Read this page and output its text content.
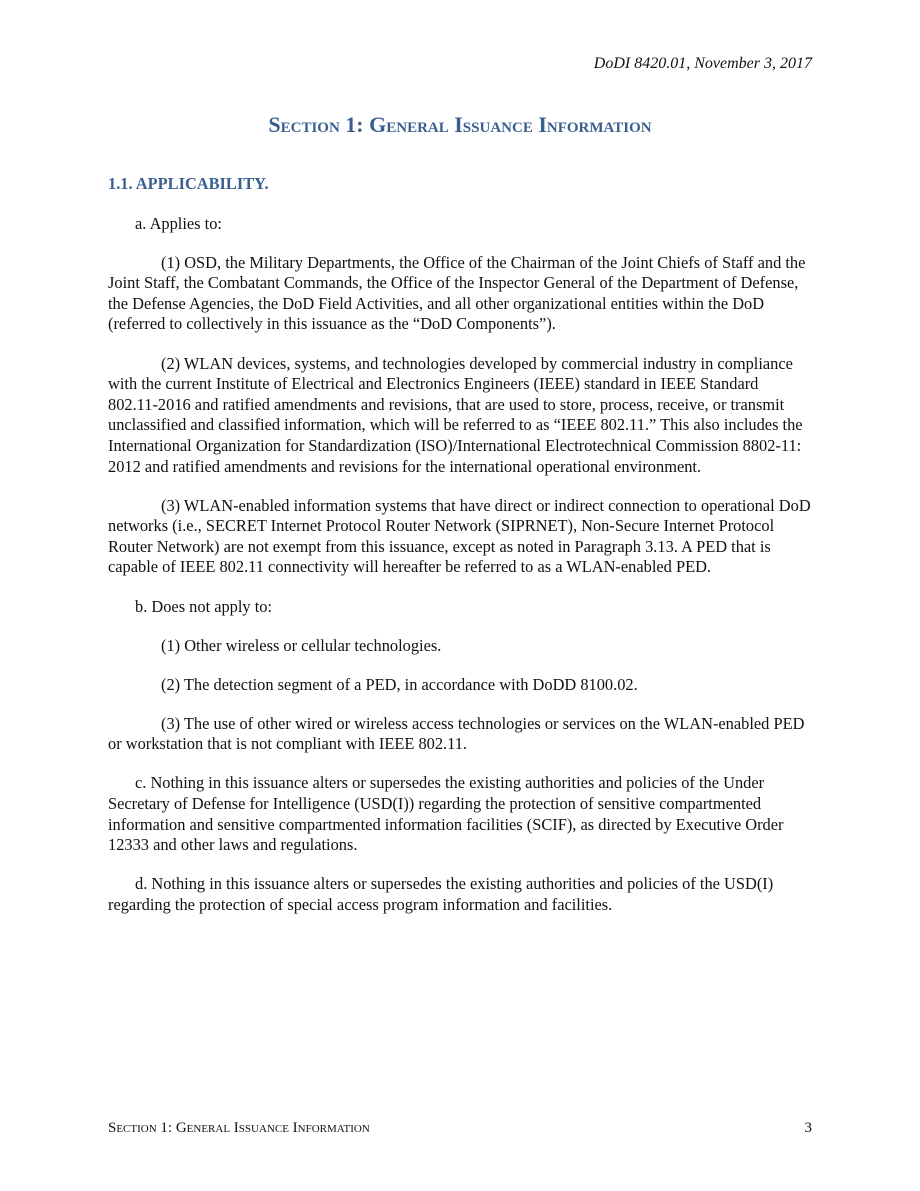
DoDI 8420.01, November 3, 2017
Section 1: General Issuance Information
1.1. APPLICABILITY.

a. Applies to:

(1) OSD, the Military Departments, the Office of the Chairman of the Joint Chiefs of Staff and the Joint Staff, the Combatant Commands, the Office of the Inspector General of the Department of Defense, the Defense Agencies, the DoD Field Activities, and all other organizational entities within the DoD (referred to collectively in this issuance as the “DoD Components”).

(2) WLAN devices, systems, and technologies developed by commercial industry in compliance with the current Institute of Electrical and Electronics Engineers (IEEE) standard in IEEE Standard 802.11-2016 and ratified amendments and revisions, that are used to store, process, receive, or transmit unclassified and classified information, which will be referred to as “IEEE 802.11.” This also includes the International Organization for Standardization (ISO)/International Electrotechnical Commission 8802-11: 2012 and ratified amendments and revisions for the international operational environment.

(3) WLAN-enabled information systems that have direct or indirect connection to operational DoD networks (i.e., SECRET Internet Protocol Router Network (SIPRNET), Non-Secure Internet Protocol Router Network) are not exempt from this issuance, except as noted in Paragraph 3.13. A PED that is capable of IEEE 802.11 connectivity will hereafter be referred to as a WLAN-enabled PED.

b. Does not apply to:

(1) Other wireless or cellular technologies.

(2) The detection segment of a PED, in accordance with DoDD 8100.02.

(3) The use of other wired or wireless access technologies or services on the WLAN-enabled PED or workstation that is not compliant with IEEE 802.11.

c. Nothing in this issuance alters or supersedes the existing authorities and policies of the Under Secretary of Defense for Intelligence (USD(I)) regarding the protection of sensitive compartmented information and sensitive compartmented information facilities (SCIF), as directed by Executive Order 12333 and other laws and regulations.

d. Nothing in this issuance alters or supersedes the existing authorities and policies of the USD(I) regarding the protection of special access program information and facilities.

Section 1: General Issuance Information	3
